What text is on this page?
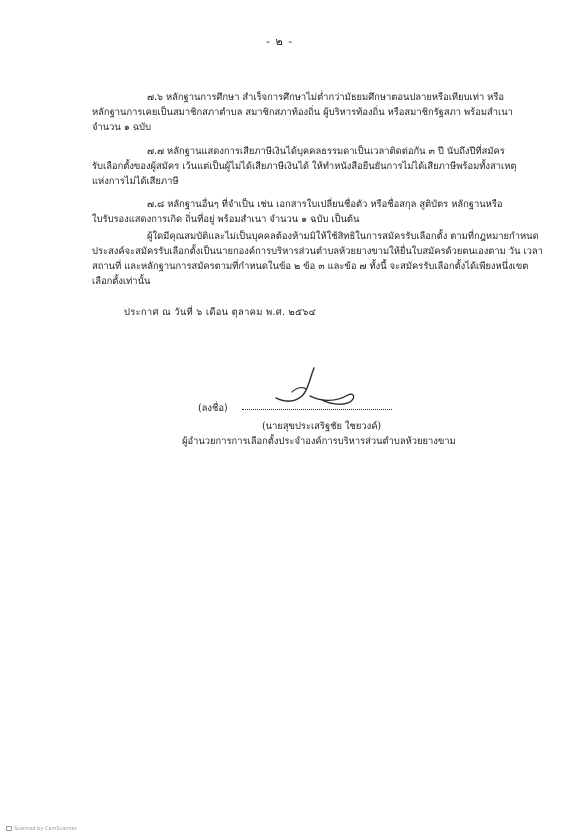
- ๒ -
๗.๖ หลักฐานการศึกษา สำเร็จการศึกษาไม่ต่ำกว่ามัธยมศึกษาตอนปลายหรือเทียบเท่า หรือ
หลักฐานการเคยเป็นสมาชิกสภาตำบล สมาชิกสภาท้องถิ่น ผู้บริหารท้องถิ่น หรือสมาชิกรัฐสภา พร้อมสำเนา
จำนวน ๑ ฉบับ
๗.๗ หลักฐานแสดงการเสียภาษีเงินได้บุคคลธรรมดาเป็นเวลาติดต่อกัน ๓ ปี นับถึงปีที่สมัคร
รับเลือกตั้งของผู้สมัคร เว้นแต่เป็นผู้ไม่ได้เสียภาษีเงินได้ ให้ทำหนังสือยืนยันการไม่ได้เสียภาษีพร้อมทั้งสาเหตุ
แห่งการไม่ได้เสียภาษี
๗.๘ หลักฐานอื่นๆ ที่จำเป็น เช่น เอกสารใบเปลี่ยนชื่อตัว หรือชื่อสกุล สูติบัตร หลักฐานหรือ
ใบรับรองแสดงการเกิด ถิ่นที่อยู่ พร้อมสำเนา จำนวน ๑ ฉบับ เป็นต้น
ผู้ใดมีคุณสมบัติและไม่เป็นบุคคลต้องห้ามมิให้ใช้สิทธิในการสมัครรับเลือกตั้ง ตามที่กฎหมายกำหนด
ประสงค์จะสมัครรับเลือกตั้งเป็นนายกองค์การบริหารส่วนตำบลห้วยยางขามให้ยื่นใบสมัครด้วยตนเองตาม วัน เวลา
สถานที่ และหลักฐานการสมัครตามที่กำหนดในข้อ ๒ ข้อ ๓ และข้อ ๗ ทั้งนี้ จะสมัครรับเลือกตั้งได้เพียงหนึ่งเขต
เลือกตั้งเท่านั้น
ประกาศ ณ วันที่ ๖ เดือน ตุลาคม พ.ศ. ๒๕๖๔
(ลงชื่อ)
(นายสุขประเสริฐชัย ใชยวงค์)
ผู้อำนวยการการเลือกตั้งประจำองค์การบริหารส่วนตำบลห้วยยางขาม
Scanned by CamScanner
